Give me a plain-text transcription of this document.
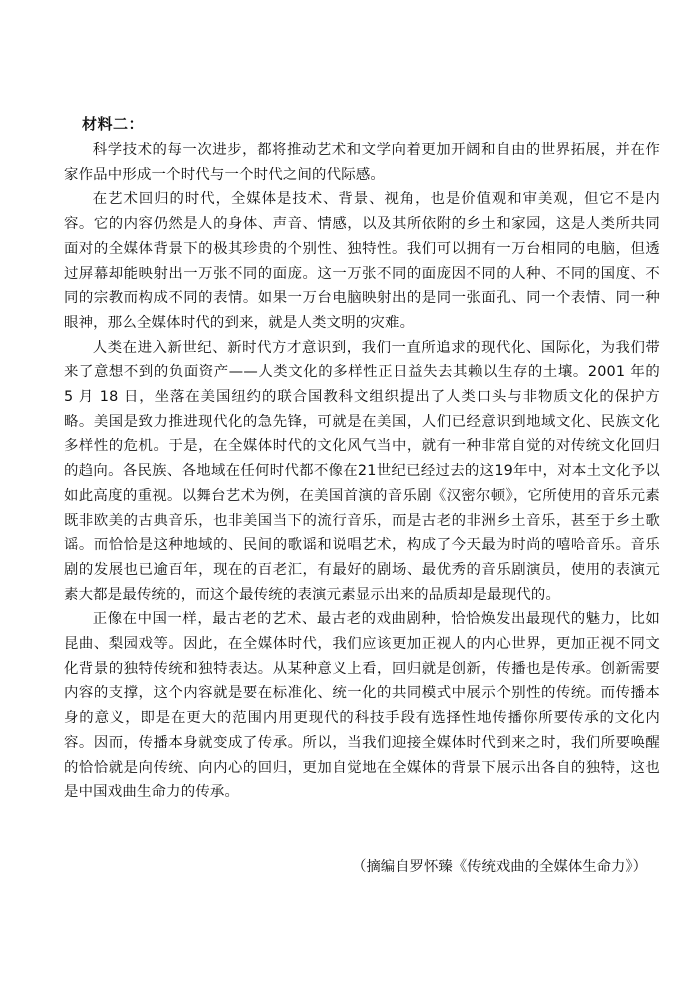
材料二：

科学技术的每一次进步，都将推动艺术和文学向着更加开阔和自由的世界拓展，并在作家作品中形成一个时代与一个时代之间的代际感。

在艺术回归的时代，全媒体是技术、背景、视角，也是价值观和审美观，但它不是内容。它的内容仍然是人的身体、声音、情感，以及其所依附的乡土和家园，这是人类所共同面对的全媒体背景下的极其珍贵的个别性、独特性。我们可以拥有一万台相同的电脑，但透过屏幕却能映射出一万张不同的面庞。这一万张不同的面庞因不同的人种、不同的国度、不同的宗教而构成不同的表情。如果一万台电脑映射出的是同一张面孔、同一个表情、同一种眼神，那么全媒体时代的到来，就是人类文明的灾难。

人类在进入新世纪、新时代方才意识到，我们一直所追求的现代化、国际化，为我们带来了意想不到的负面资产——人类文化的多样性正日益失去其赖以生存的土壤。2001 年的 5 月 18 日，坐落在美国纽约的联合国教科文组织提出了人类口头与非物质文化的保护方略。美国是致力推进现代化的急先锋，可就是在美国，人们已经意识到地域文化、民族文化多样性的危机。于是，在全媒体时代的文化风气当中，就有一种非常自觉的对传统文化回归的趋向。各民族、各地域在任何时代都不像在21世纪已经过去的这19年中，对本土文化予以如此高度的重视。以舞台艺术为例，在美国首演的音乐剧《汉密尔顿》，它所使用的音乐元素既非欧美的古典音乐，也非美国当下的流行音乐，而是古老的非洲乡土音乐，甚至于乡土歌谣。而恰恰是这种地域的、民间的歌谣和说唱艺术，构成了今天最为时尚的嘻哈音乐。音乐剧的发展也已逾百年，现在的百老汇，有最好的剧场、最优秀的音乐剧演员，使用的表演元素大都是最传统的，而这个最传统的表演元素显示出来的品质却是最现代的。

正像在中国一样，最古老的艺术、最古老的戏曲剧种，恰恰焕发出最现代的魅力，比如昆曲、梨园戏等。因此，在全媒体时代，我们应该更加正视人的内心世界，更加正视不同文化背景的独特传统和独特表达。从某种意义上看，回归就是创新，传播也是传承。创新需要内容的支撑，这个内容就是要在标准化、统一化的共同模式中展示个别性的传统。而传播本身的意义，即是在更大的范围内用更现代的科技手段有选择性地传播你所要传承的文化内容。因而，传播本身就变成了传承。所以，当我们迎接全媒体时代到来之时，我们所要唤醒的恰恰就是向传统、向内心的回归，更加自觉地在全媒体的背景下展示出各自的独特，这也是中国戏曲生命力的传承。

（摘编自罗怀臻《传统戏曲的全媒体生命力》）
